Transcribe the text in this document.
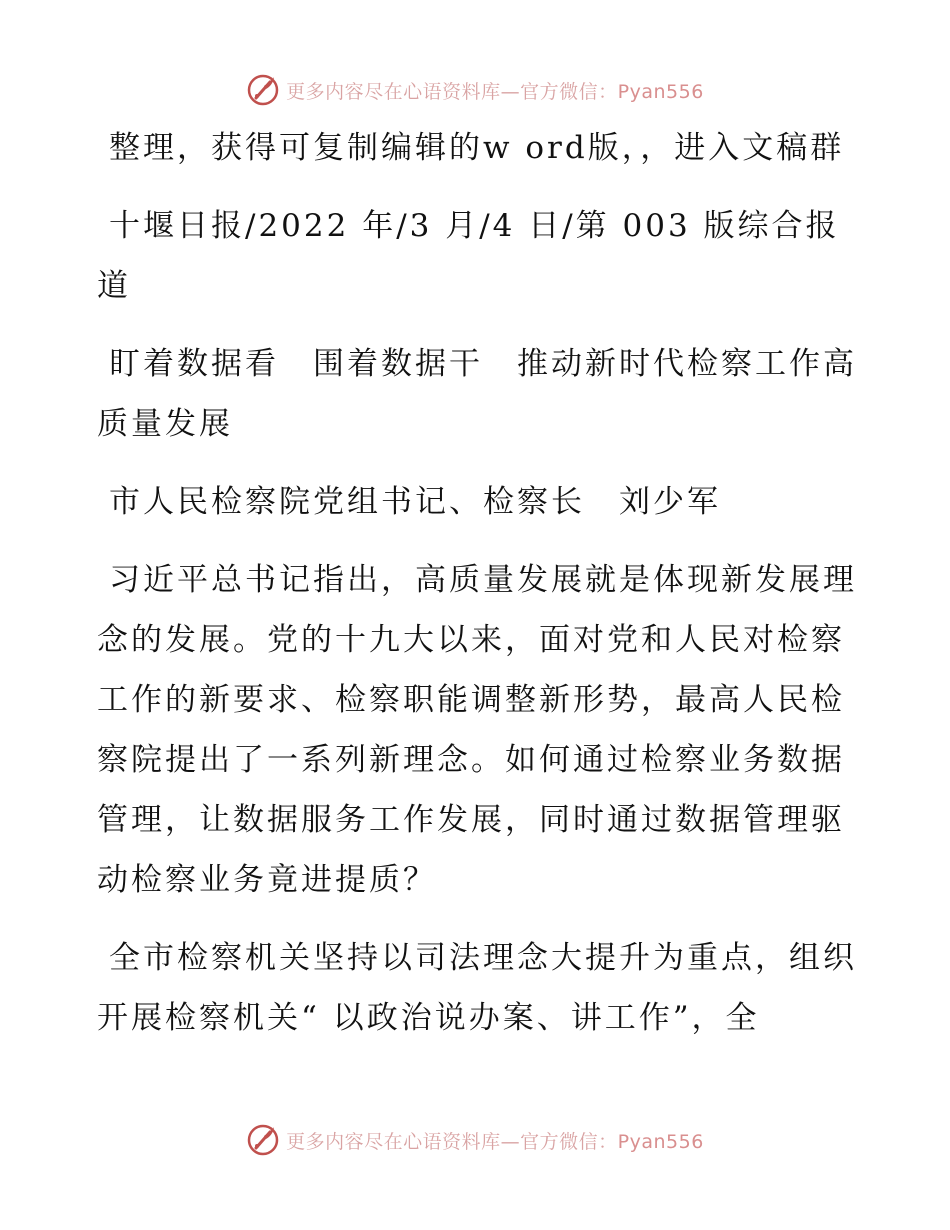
更多内容尽在心语资料库—官方微信：Pyan556

整理，获得可复制编辑的w ord版，，进入文稿群

十堰日报/2022 年/3 月/4 日/第 003 版综合报道

盯着数据看　围着数据干　推动新时代检察工作高质量发展

市人民检察院党组书记、检察长　刘少军

习近平总书记指出，高质量发展就是体现新发展理念的发展。党的十九大以来，面对党和人民对检察工作的新要求、检察职能调整新形势，最高人民检察院提出了一系列新理念。如何通过检察业务数据管理，让数据服务工作发展，同时通过数据管理驱动检察业务竟进提质？

全市检察机关坚持以司法理念大提升为重点，组织开展检察机关“ 以政治说办案、讲工作”，全

更多内容尽在心语资料库—官方微信：Pyan556
